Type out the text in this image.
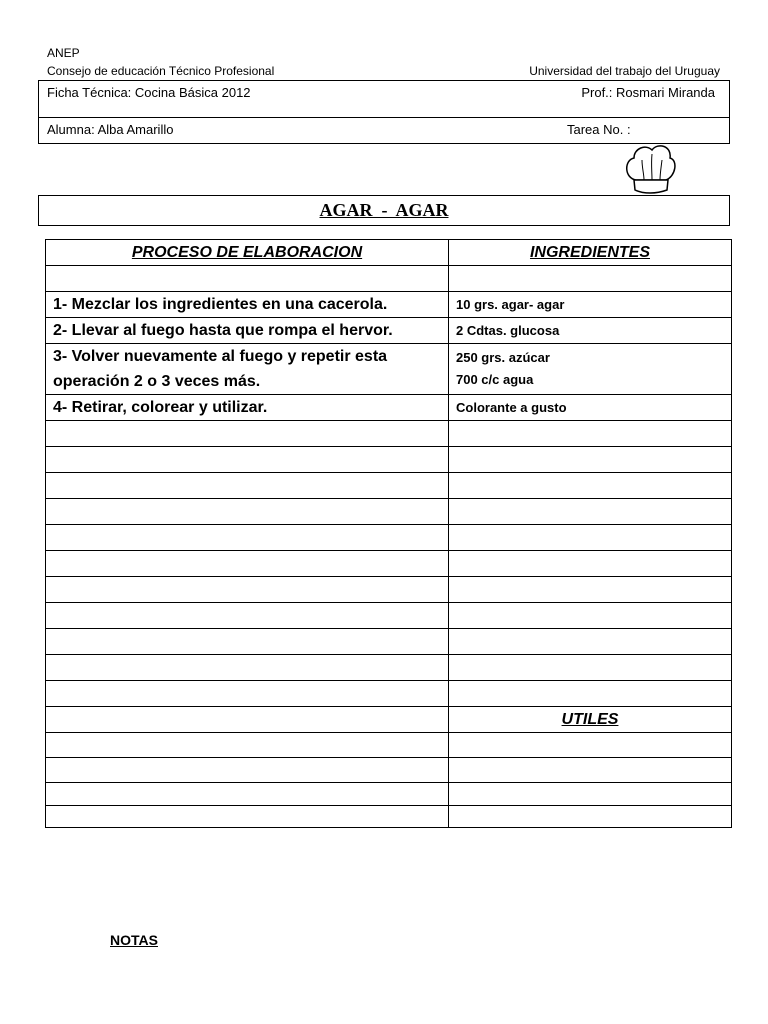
ANEP
Consejo de educación Técnico Profesional	Universidad del trabajo del Uruguay
Ficha Técnica: Cocina Básica 2012	Prof.: Rosmari Miranda
Alumna: Alba Amarillo	Tarea No. :
AGAR  -  AGAR
PROCESO DE ELABORACION	INGREDIENTES

1- Mezclar los ingredientes en una cacerola.	10 grs. agar- agar
2- Llevar al fuego hasta que rompa el hervor.	2 Cdtas. glucosa
3- Volver nuevamente al fuego y repetir esta operación 2 o 3 veces más.	250 grs. azúcar
700 c/c agua

4- Retirar, colorear y utilizar.	Colorante a gusto

	UTILES

NOTAS
